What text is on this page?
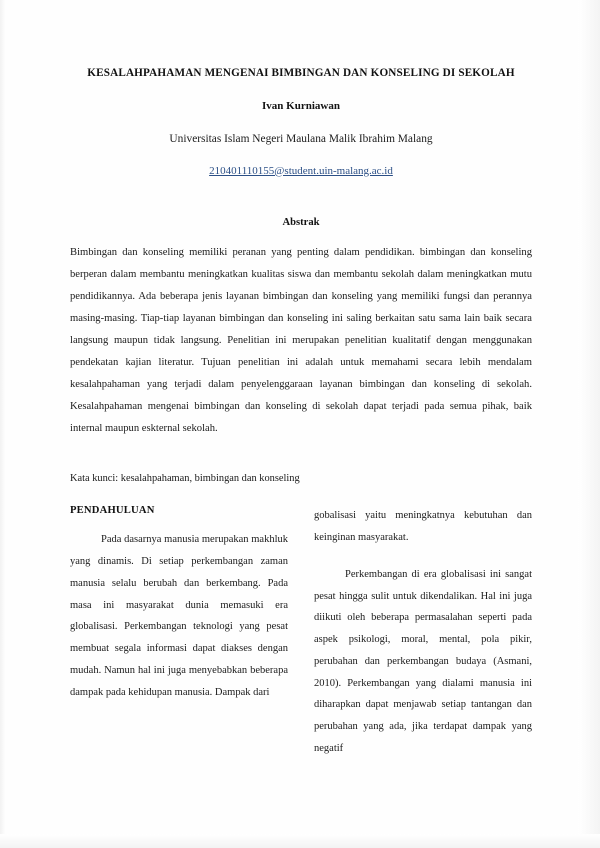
KESALAHPAHAMAN MENGENAI BIMBINGAN DAN KONSELING DI SEKOLAH
Ivan Kurniawan
Universitas Islam Negeri Maulana Malik Ibrahim Malang
210401110155@student.uin-malang.ac.id
Abstrak
Bimbingan dan konseling memiliki peranan yang penting dalam pendidikan. bimbingan dan konseling berperan dalam membantu meningkatkan kualitas siswa dan membantu sekolah dalam meningkatkan mutu pendidikannya. Ada beberapa jenis layanan bimbingan dan konseling yang memiliki fungsi dan perannya masing-masing. Tiap-tiap layanan bimbingan dan konseling ini saling berkaitan satu sama lain baik secara langsung maupun tidak langsung. Penelitian ini merupakan penelitian kualitatif dengan menggunakan pendekatan kajian literatur. Tujuan penelitian ini adalah untuk memahami secara lebih mendalam kesalahpahaman yang terjadi dalam penyelenggaraan layanan bimbingan dan konseling di sekolah. Kesalahpahaman mengenai bimbingan dan konseling di sekolah dapat terjadi pada semua pihak, baik internal maupun eskternal sekolah.
Kata kunci: kesalahpahaman, bimbingan dan konseling
PENDAHULUAN

Pada dasarnya manusia merupakan makhluk yang dinamis. Di setiap perkembangan zaman manusia selalu berubah dan berkembang. Pada masa ini masyarakat dunia memasuki era globalisasi. Perkembangan teknologi yang pesat membuat segala informasi dapat diakses dengan mudah. Namun hal ini juga menyebabkan beberapa dampak pada kehidupan manusia. Dampak dari

gobalisasi yaitu meningkatnya kebutuhan dan keinginan masyarakat.

Perkembangan di era globalisasi ini sangat pesat hingga sulit untuk dikendalikan. Hal ini juga diikuti oleh beberapa permasalahan seperti pada aspek psikologi, moral, mental, pola pikir, perubahan dan perkembangan budaya (Asmani, 2010). Perkembangan yang dialami manusia ini diharapkan dapat menjawab setiap tantangan dan perubahan yang ada, jika terdapat dampak yang negatif
